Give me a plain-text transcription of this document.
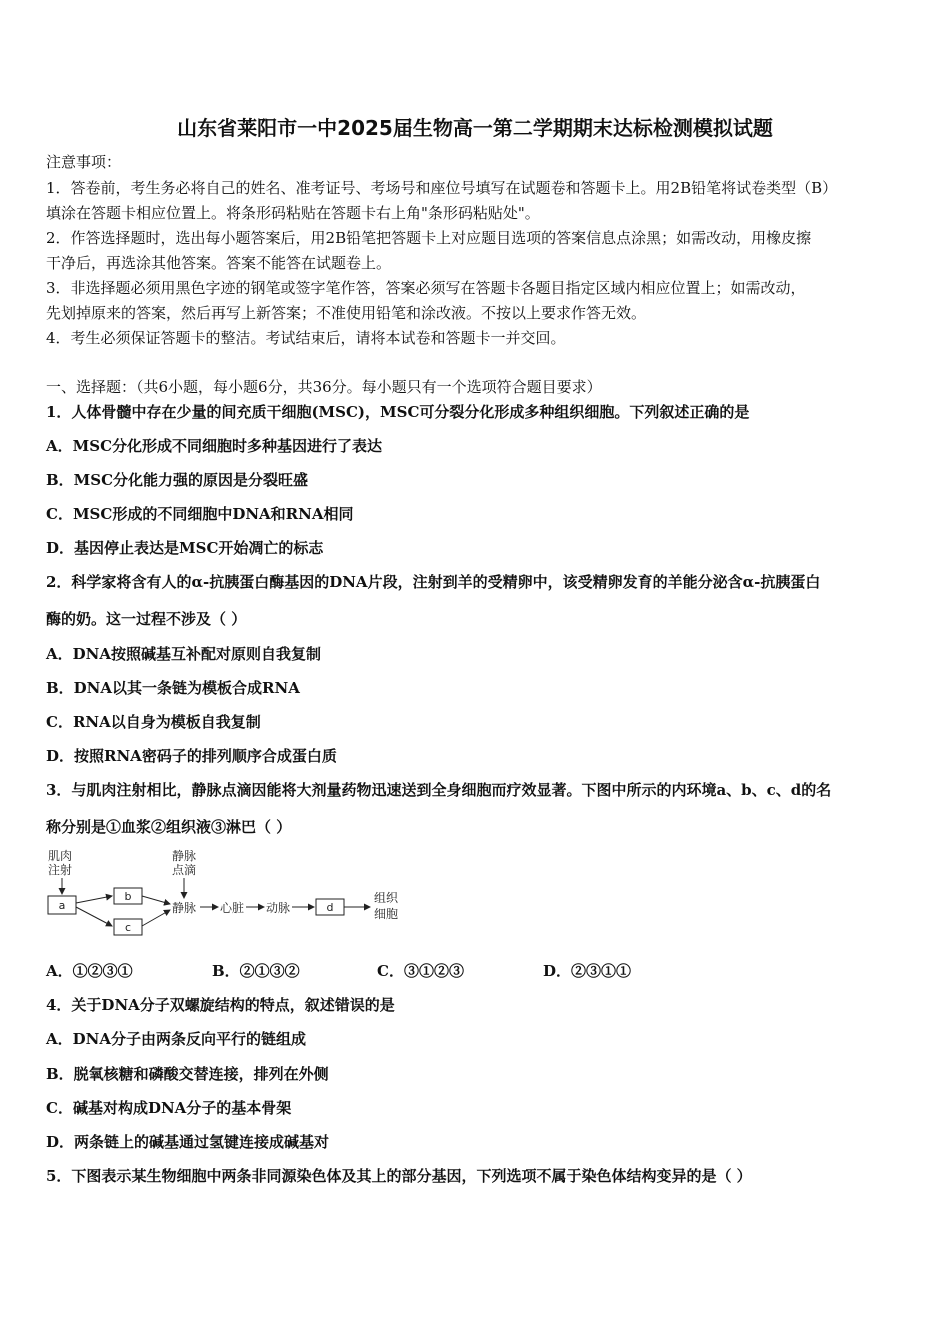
山东省莱阳市一中2025届生物高一第二学期期末达标检测模拟试题
注意事项：
1．答卷前，考生务必将自己的姓名、准考证号、考场号和座位号填写在试题卷和答题卡上。用2B铅笔将试卷类型（B）
填涂在答题卡相应位置上。将条形码粘贴在答题卡右上角"条形码粘贴处"。
2．作答选择题时，选出每小题答案后，用2B铅笔把答题卡上对应题目选项的答案信息点涂黑；如需改动，用橡皮擦
干净后，再选涂其他答案。答案不能答在试题卷上。
3．非选择题必须用黑色字迹的钢笔或签字笔作答，答案必须写在答题卡各题目指定区域内相应位置上；如需改动，
先划掉原来的答案，然后再写上新答案；不准使用铅笔和涂改液。不按以上要求作答无效。
4．考生必须保证答题卡的整洁。考试结束后，请将本试卷和答题卡一并交回。
一、选择题：（共6小题，每小题6分，共36分。每小题只有一个选项符合题目要求）
1．人体骨髓中存在少量的间充质干细胞(MSC)，MSC可分裂分化形成多种组织细胞。下列叙述正确的是
A．MSC分化形成不同细胞时多种基因进行了表达
B．MSC分化能力强的原因是分裂旺盛
C．MSC形成的不同细胞中DNA和RNA相同
D．基因停止表达是MSC开始凋亡的标志
2．科学家将含有人的α-抗胰蛋白酶基因的DNA片段，注射到羊的受精卵中，该受精卵发育的羊能分泌含α-抗胰蛋白
酶的奶。这一过程不涉及（ ）
A．DNA按照碱基互补配对原则自我复制
B．DNA以其一条链为模板合成RNA
C．RNA以自身为模板自我复制
D．按照RNA密码子的排列顺序合成蛋白质
3．与肌肉注射相比，静脉点滴因能将大剂量药物迅速送到全身细胞而疗效显著。下图中所示的内环境a、b、c、d的名
称分别是①血浆②组织液③淋巴（ ）
肌肉
注射
静脉
点滴
静脉 心脏 动脉
组织
细胞
a
b
c
d
A．①②③①	B．②①③②	C．③①②③	D．②③①①
4．关于DNA分子双螺旋结构的特点，叙述错误的是
A．DNA分子由两条反向平行的链组成
B．脱氧核糖和磷酸交替连接，排列在外侧
C．碱基对构成DNA分子的基本骨架
D．两条链上的碱基通过氢键连接成碱基对
5．下图表示某生物细胞中两条非同源染色体及其上的部分基因，下列选项不属于染色体结构变异的是（ ）
